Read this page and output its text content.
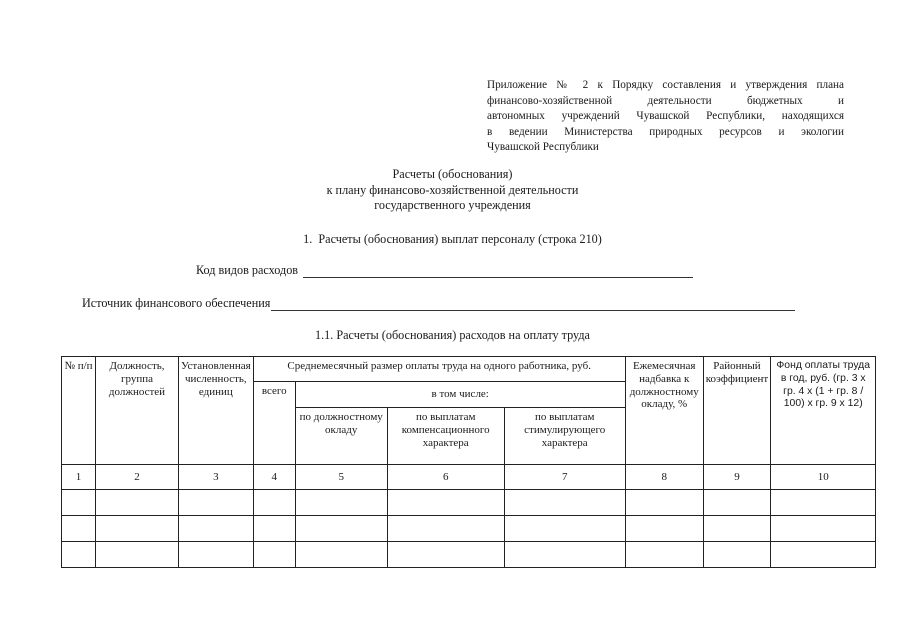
Приложение № 2 к Порядку составления и утверждения плана
финансово-хозяйственной деятельности бюджетных и
автономных учреждений Чувашской Республики, находящихся
в ведении Министерства природных ресурсов и экологии
Чувашской Республики
Расчеты (обоснования)
к плану финансово-хозяйственной деятельности
государственного учреждения
1. Расчеты (обоснования) выплат персоналу (строка 210)
Код видов расходов
Источник финансового обеспечения
1.1. Расчеты (обоснования) расходов на оплату труда
№ п/п	Должность, группа должностей	Установленная численность, единиц	Среднемесячный размер оплаты труда на одного работника, руб.				Ежемесячная надбавка к должностному окладу, %	Районный коэффициент	Фонд оплаты труда в год, руб. (гр. 3 x гр. 4 x (1 + гр. 8 / 100) x гр. 9 x 12)
			всего	в том числе:					
				по должностному окладу	по выплатам компенсационного характера	по выплатам стимулирующего характера			
1	2	3	4	5	6	7	8	9	10
